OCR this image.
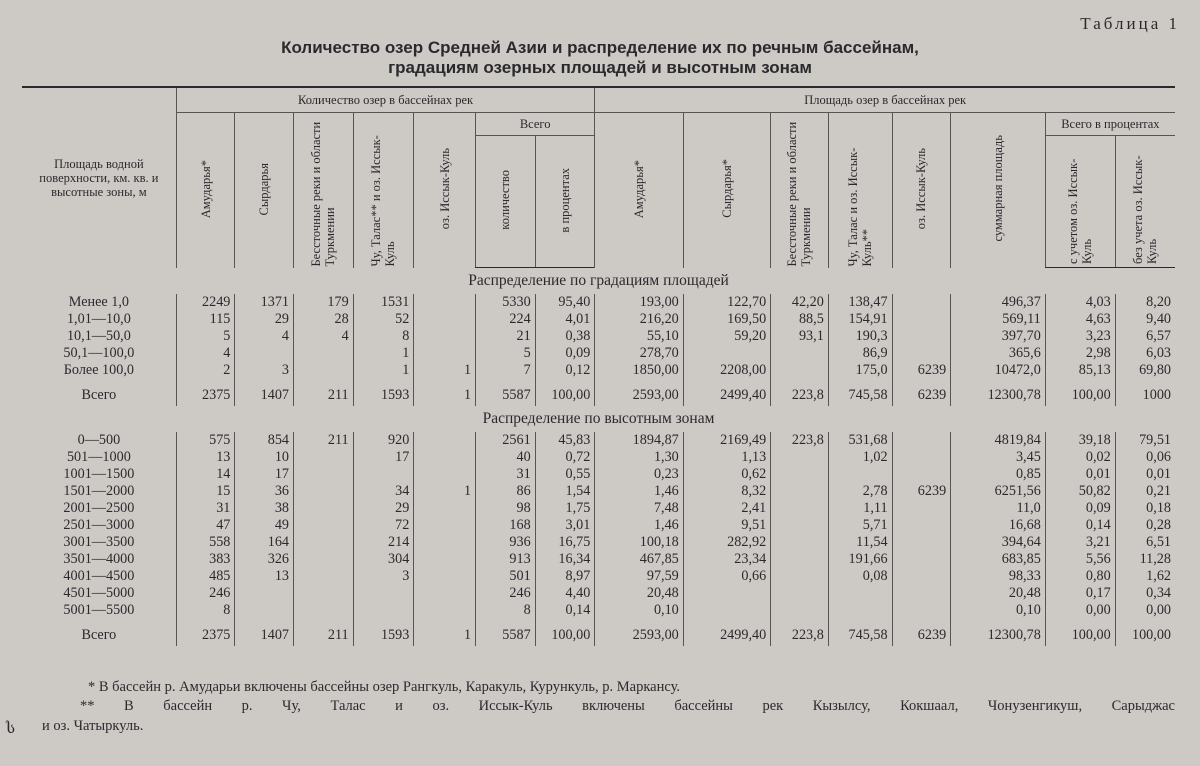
Таблица 1
Количество озер Средней Азии и распределение их по речным бассейнам,
градациям озерных площадей и высотным зонам
Площадь водной поверхности, км. кв. и высотные зоны, м	Количество озер в бассейнах рек							Площадь озер в бассейнах рек							
	Амударья*	Сырдарья	Бессточные реки и области Туркмении	Чу, Талас** и оз. Иссык-Куль	оз. Иссык-Куль	Всего		Амударья*	Сырдарья*	Бессточные реки и области Туркмении	Чу, Талас и оз. Иссык-Куль**	оз. Иссык-Куль	суммарная площадь	Всего в процентах	
						количество	в процентах							с учетом оз. Иссык-Куль	без учета оз. Иссык-Куль
Распределение по градациям площадей															
Менее 1,0	2249	1371	179	1531		5330	95,40	193,00	122,70	42,20	138,47		496,37	4,03	8,20
1,01—10,0	115	29	28	52		224	4,01	216,20	169,50	88,5	154,91		569,11	4,63	9,40
10,1—50,0	5	4	4	8		21	0,38	55,10	59,20	93,1	190,3		397,70	3,23	6,57
50,1—100,0	4			1		5	0,09	278,70			86,9		365,6	2,98	6,03
Более 100,0	2	3		1	1	7	0,12	1850,00	2208,00		175,0	6239	10472,0	85,13	69,80
Всего	2375	1407	211	1593	1	5587	100,00	2593,00	2499,40	223,8	745,58	6239	12300,78	100,00	1000
Распределение по высотным зонам															
0—500	575	854	211	920		2561	45,83	1894,87	2169,49	223,8	531,68		4819,84	39,18	79,51
501—1000	13	10		17		40	0,72	1,30	1,13		1,02		3,45	0,02	0,06
1001—1500	14	17				31	0,55	0,23	0,62				0,85	0,01	0,01
1501—2000	15	36		34	1	86	1,54	1,46	8,32		2,78	6239	6251,56	50,82	0,21
2001—2500	31	38		29		98	1,75	7,48	2,41		1,11		11,0	0,09	0,18
2501—3000	47	49		72		168	3,01	1,46	9,51		5,71		16,68	0,14	0,28
3001—3500	558	164		214		936	16,75	100,18	282,92		11,54		394,64	3,21	6,51
3501—4000	383	326		304		913	16,34	467,85	23,34		191,66		683,85	5,56	11,28
4001—4500	485	13		3		501	8,97	97,59	0,66		0,08		98,33	0,80	1,62
4501—5000	246					246	4,40	20,48					20,48	0,17	0,34
5001—5500	8					8	0,14	0,10					0,10	0,00	0,00
Всего	2375	1407	211	1593	1	5587	100,00	2593,00	2499,40	223,8	745,58	6239	12300,78	100,00	100,00
* В бассейн р. Амударьи включены бассейны озер Рангкуль, Каракуль, Курункуль, р. Маркансу.
** В бассейн р. Чу, Талас и оз. Иссык-Куль включены бассейны рек Кызылсу, Кокшаал, Чонузенгикуш, Сарыджас
и оз. Чатыркуль.
ს
